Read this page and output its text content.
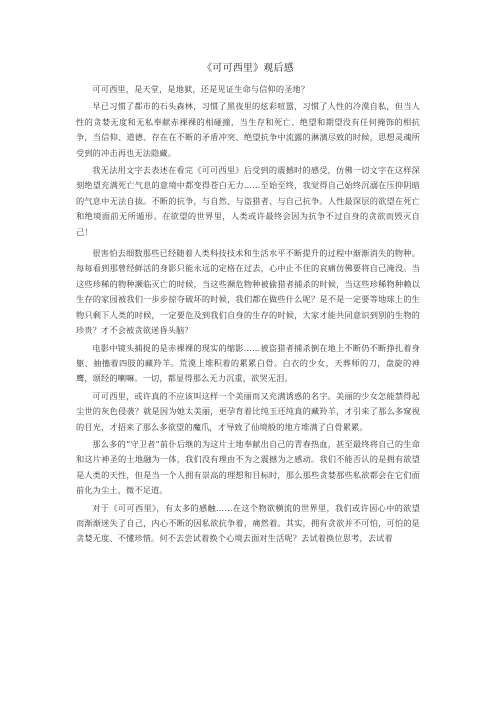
《可可西里》观后感

可可西里，是天堂，是地狱，还是见证生命与信仰的圣地？

早已习惯了都市的石头森林，习惯了黑夜里的炫彩喧嚣，习惯了人性的冷漠自私，但当人性的贪婪无度和无私奉献赤裸裸的相碰撞，当生存和死亡、绝望和期望没有任何掩饰的相抗争，当信仰、道德、存在在不断的矛盾冲突、绝望抗争中流露的淋漓尽致的时候，思想灵魂所受到的冲击再也无法隐藏。

我无法用文字去表述在看完《可可西里》后受到的震撼时的感受，仿佛一切文字在这样深刻绝望充满死亡气息的意境中都变得苍白无力……至始至终，我觉得自己始终沉溺在压抑阴暗的气息中无法自拔。不断的抗争，与自然、与盗猎者、与自己抗争。人性最深层的欲望在死亡和绝境面前无所遁形。在欲望的世界里，人类或许最终会因为抗争不过自身的贪欲而毁灭自己！

很害怕去细数那些已经随着人类科技技术和生活水平不断提升的过程中渐渐消失的物种。每每看到那曾经鲜活的身影只能永远的定格在过去，心中止不住的哀痛仿佛要将自己淹没。当这些珍稀的物种濒临灭亡的时候，当这些濒危物种被偷猎者捕杀的时候，当这些珍稀物种赖以生存的家园被我们一步步掠夺破坏的时候，我们都在做些什么呢？是不是一定要等地球上的生物只剩下人类的时候，一定要危及到我们自身的生存的时候，大家才能共同意识到别的生物的珍贵？才不会被贪欲迷昏头脑？

电影中镜头捕捉的是赤裸裸的现实的缩影……被盗猎者捕杀倒在地上不断仍不断挣扎着身躯、抽搐着四肢的藏羚羊。荒漠上堆积着的累累白骨。白衣的少女，天葬师的刀，盘旋的神鹰，颂经的喇嘛。一切，都显得那么无力沉重，欲哭无泪。

可可西里，或许真的不应该叫这样一个美丽而又充满诱惑的名字。美丽的少女怎能禁得起尘世的灰色侵袭？就是因为她太美丽，更孕育着比纯玉还纯真的藏羚羊，才引来了那么多窥视的目光，才招来了那么多欲望的魔爪，才导致了仙境般的地方堆满了白骨累累。

那么多的“守卫者”前仆后继的为这片土地奉献出自己的青春热血，甚至最终将自己的生命和这片神圣的土地融为一体，我们没有理由不为之震撼为之感动。我们不能否认的是拥有欲望是人类的天性，但是当一个人拥有崇高的理想和目标时，那么那些贪婪那些私欲都会在它们面前化为尘土，微不足道。

对于《可可西里》，有太多的感触……在这个物欲横流的世界里，我们或许因心中的欲望而渐渐迷失了自己，内心不断的因私欲抗争着，痛然着。其实，拥有贪欲并不可怕，可怕的是贪婪无度、不懂珍惜。何不去尝试着换个心境去面对生活呢？去试着换位思考，去试着
